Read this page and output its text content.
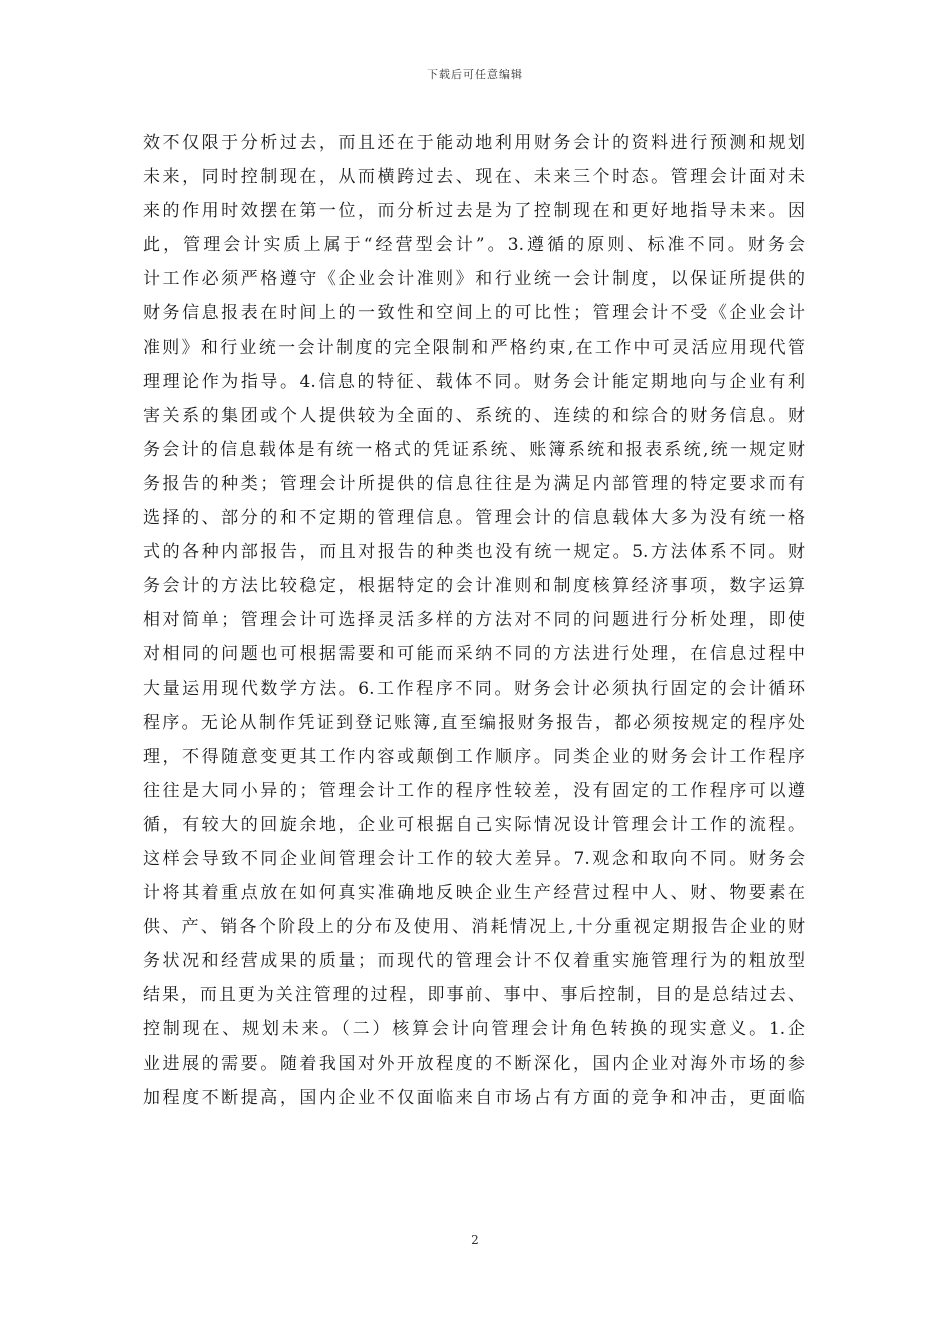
下载后可任意编辑
效不仅限于分析过去，而且还在于能动地利用财务会计的资料进行预测和规划
未来，同时控制现在，从而横跨过去、现在、未来三个时态。管理会计面对未
来的作用时效摆在第一位，而分析过去是为了控制现在和更好地指导未来。因
此，管理会计实质上属于“经营型会计”。3.遵循的原则、标准不同。财务会
计工作必须严格遵守《企业会计准则》和行业统一会计制度，以保证所提供的
财务信息报表在时间上的一致性和空间上的可比性；管理会计不受《企业会计
准则》和行业统一会计制度的完全限制和严格约束,在工作中可灵活应用现代管
理理论作为指导。4.信息的特征、载体不同。财务会计能定期地向与企业有利
害关系的集团或个人提供较为全面的、系统的、连续的和综合的财务信息。财
务会计的信息载体是有统一格式的凭证系统、账簿系统和报表系统,统一规定财
务报告的种类；管理会计所提供的信息往往是为满足内部管理的特定要求而有
选择的、部分的和不定期的管理信息。管理会计的信息载体大多为没有统一格
式的各种内部报告，而且对报告的种类也没有统一规定。5.方法体系不同。财
务会计的方法比较稳定，根据特定的会计准则和制度核算经济事项，数字运算
相对简单；管理会计可选择灵活多样的方法对不同的问题进行分析处理，即使
对相同的问题也可根据需要和可能而采纳不同的方法进行处理，在信息过程中
大量运用现代数学方法。6.工作程序不同。财务会计必须执行固定的会计循环
程序。无论从制作凭证到登记账簿,直至编报财务报告，都必须按规定的程序处
理，不得随意变更其工作内容或颠倒工作顺序。同类企业的财务会计工作程序
往往是大同小异的；管理会计工作的程序性较差，没有固定的工作程序可以遵
循，有较大的回旋余地，企业可根据自己实际情况设计管理会计工作的流程。
这样会导致不同企业间管理会计工作的较大差异。7.观念和取向不同。财务会
计将其着重点放在如何真实准确地反映企业生产经营过程中人、财、物要素在
供、产、销各个阶段上的分布及使用、消耗情况上,十分重视定期报告企业的财
务状况和经营成果的质量；而现代的管理会计不仅着重实施管理行为的粗放型
结果，而且更为关注管理的过程，即事前、事中、事后控制，目的是总结过去、
控制现在、规划未来。（二）核算会计向管理会计角色转换的现实意义。1.企
业进展的需要。随着我国对外开放程度的不断深化，国内企业对海外市场的参
加程度不断提高，国内企业不仅面临来自市场占有方面的竞争和冲击，更面临
2
